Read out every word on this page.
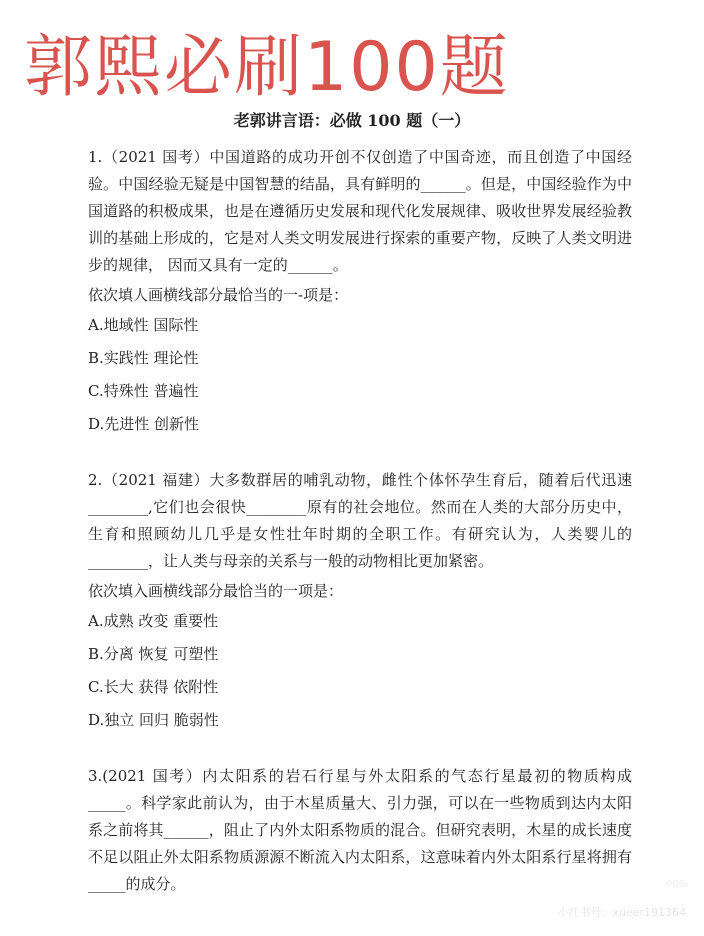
郭熙必刷100题
老郭讲言语：必做 100 题（一）
1.（2021 国考）中国道路的成功开创不仅创造了中国奇迹，而且创造了中国经验。中国经验无疑是中国智慧的结晶，具有鲜明的______。但是，中国经验作为中国道路的积极成果，也是在遵循历史发展和现代化发展规律、吸收世界发展经验教训的基础上形成的，它是对人类文明发展进行探索的重要产物，反映了人类文明进步的规律， 因而又具有一定的______。
依次填人画横线部分最恰当的一-项是：
A.地域性 国际性
B.实践性 理论性
C.特殊性 普遍性
D.先进性 创新性
2.（2021 福建）大多数群居的哺乳动物，雌性个体怀孕生育后，随着后代迅速________,它们也会很快________原有的社会地位。然而在人类的大部分历史中，生育和照顾幼儿几乎是女性壮年时期的全职工作。有研究认为，人类婴儿的________，让人类与母亲的关系与一般的动物相比更加紧密。
依次填入画横线部分最恰当的一项是：
A.成熟 改变 重要性
B.分离 恢复 可塑性
C.长大 获得 依附性
D.独立 回归 脆弱性
3.(2021 国考）内太阳系的岩石行星与外太阳系的气态行星最初的物质构成_____。科学家此前认为，由于木星质量大、引力强，可以在一些物质到达内太阳系之前将其______，阻止了内外太阳系物质的混合。但研究表明，木星的成长速度不足以阻止外太阳系物质源源不断流入内太阳系，这意味着内外太阳系行星将拥有_____的成分。	00%
小红书号：xueer191364
